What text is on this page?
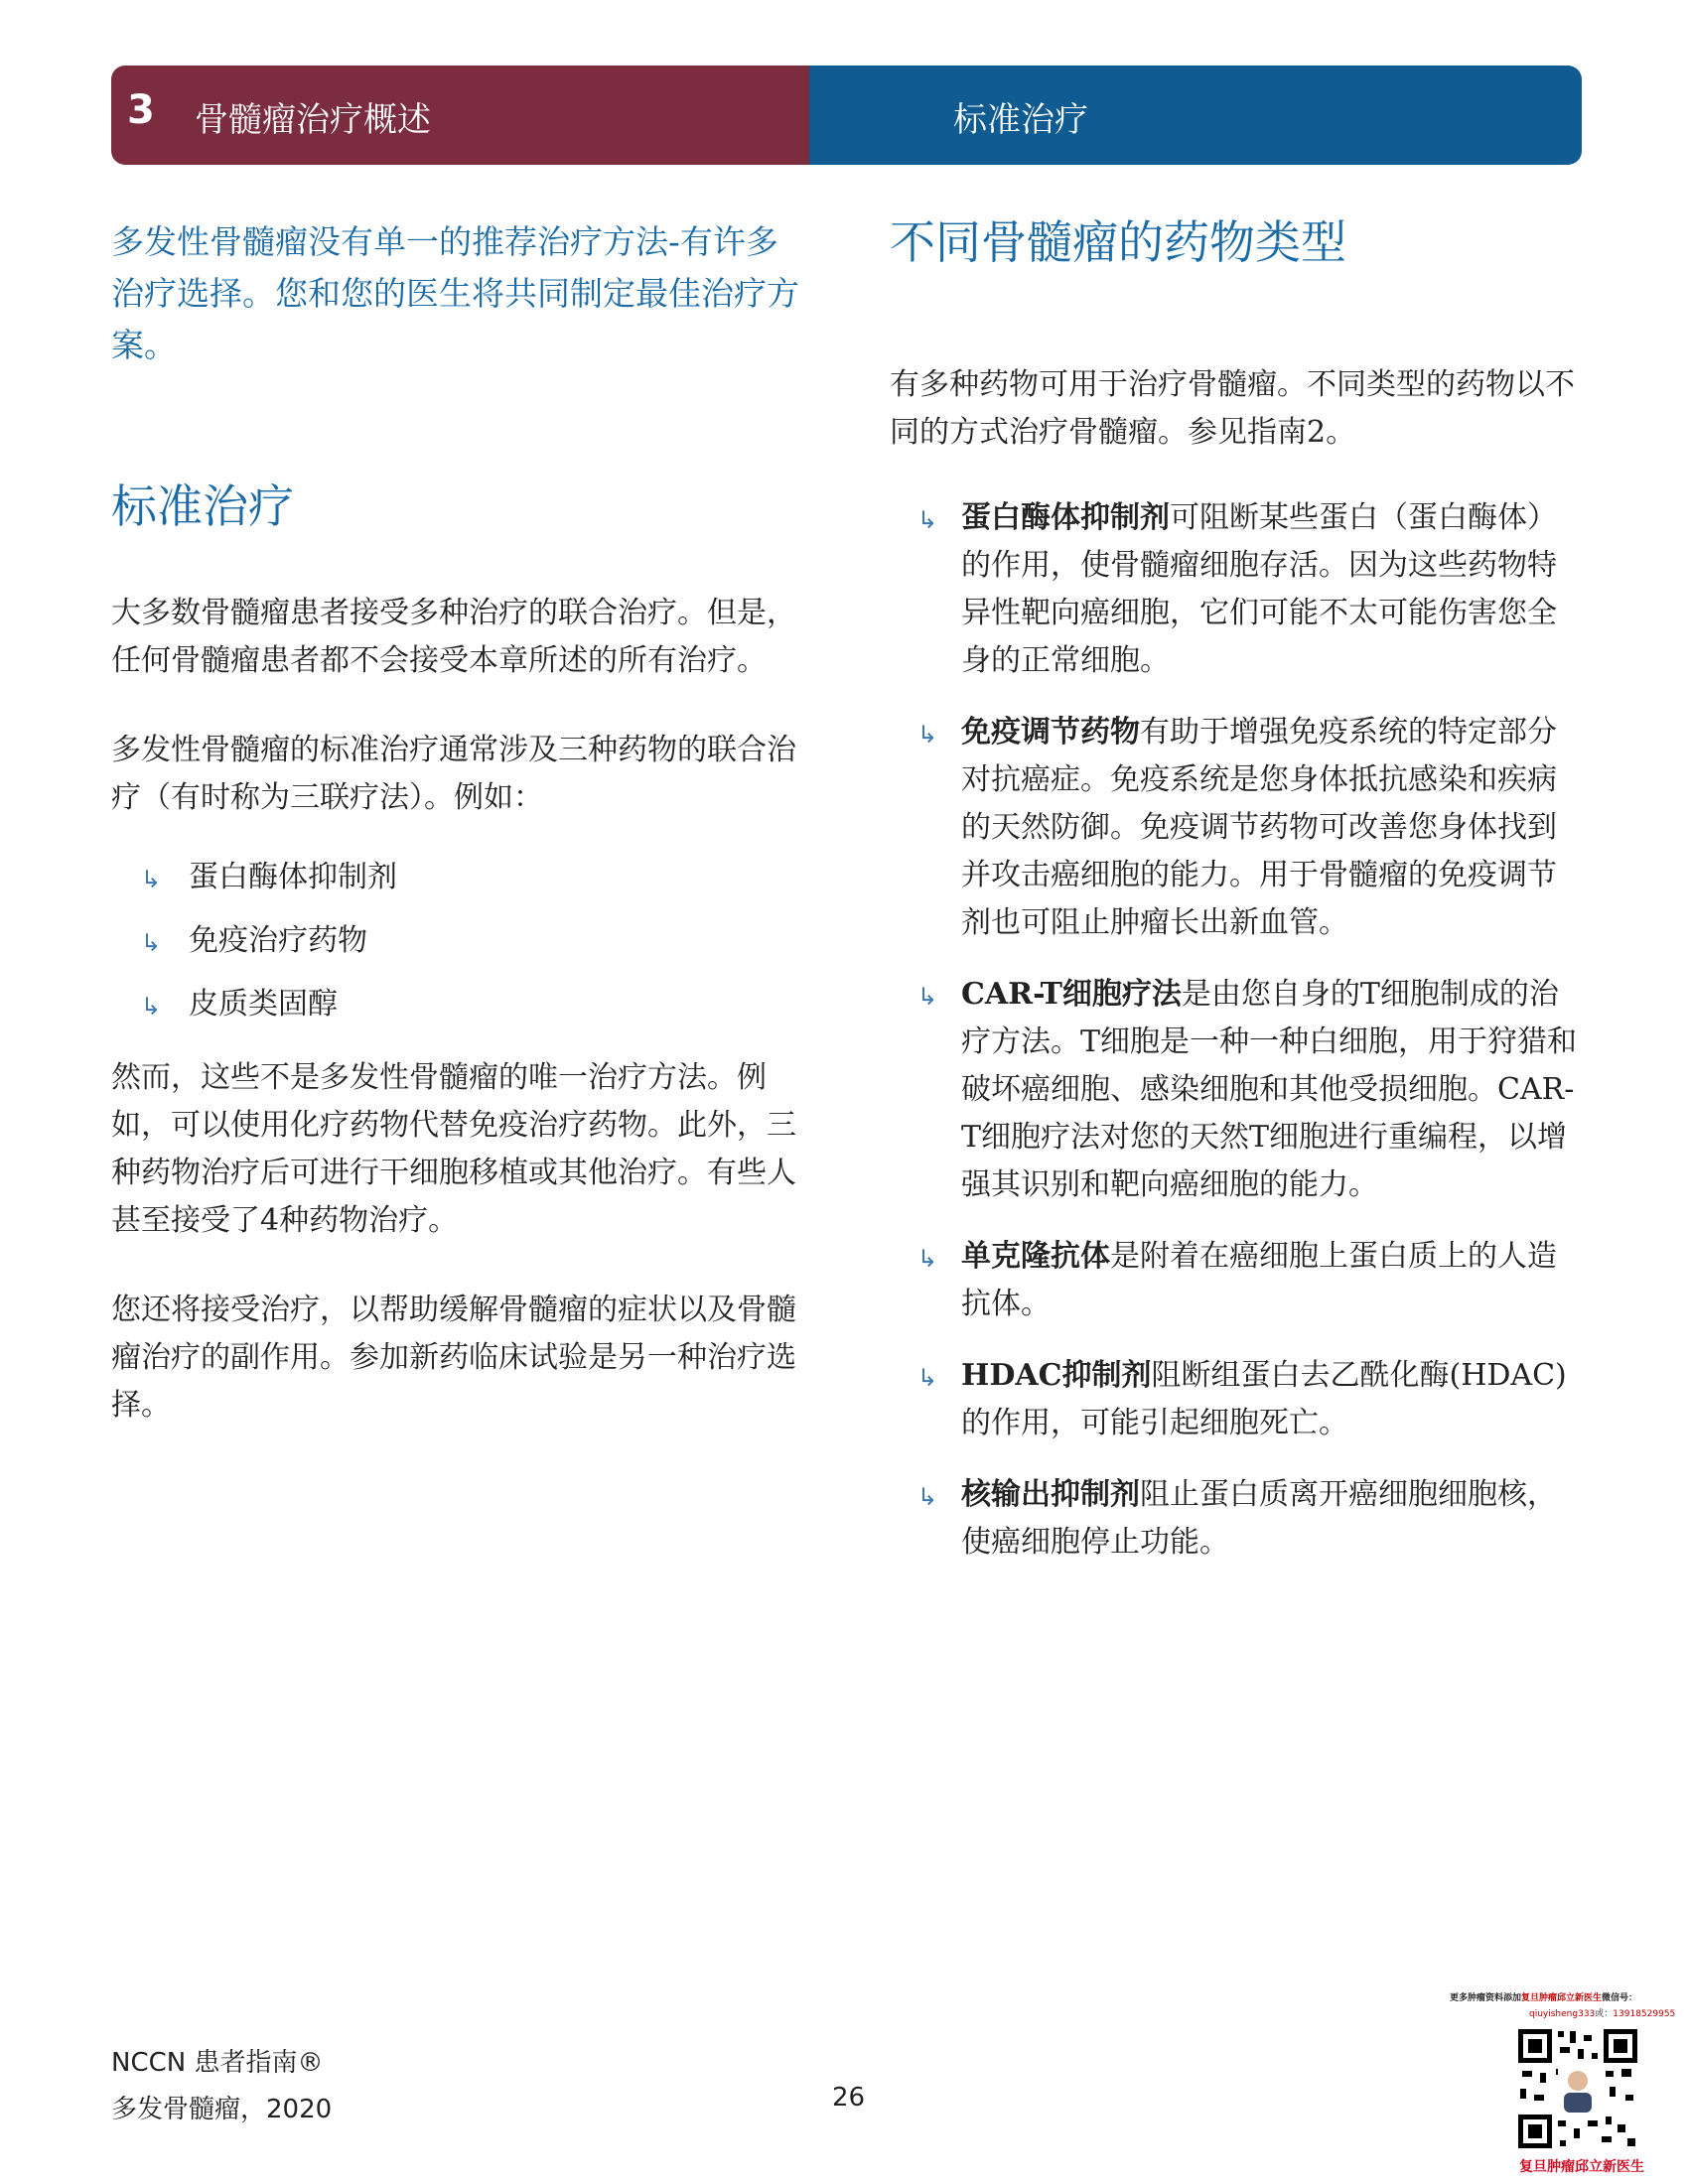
3 骨髓瘤治疗概述	标准治疗

多发性骨髓瘤没有单一的推荐治疗方法-有许多治疗选择。您和您的医生将共同制定最佳治疗方案。

标准治疗

大多数骨髓瘤患者接受多种治疗的联合治疗。但是，任何骨髓瘤患者都不会接受本章所述的所有治疗。

多发性骨髓瘤的标准治疗通常涉及三种药物的联合治疗（有时称为三联疗法）。例如：

↳ 蛋白酶体抑制剂
↳ 免疫治疗药物
↳ 皮质类固醇

然而，这些不是多发性骨髓瘤的唯一治疗方法。例如，可以使用化疗药物代替免疫治疗药物。此外，三种药物治疗后可进行干细胞移植或其他治疗。有些人甚至接受了4种药物治疗。

您还将接受治疗，以帮助缓解骨髓瘤的症状以及骨髓瘤治疗的副作用。参加新药临床试验是另一种治疗选择。

不同骨髓瘤的药物类型

有多种药物可用于治疗骨髓瘤。不同类型的药物以不同的方式治疗骨髓瘤。参见指南2。

↳ 蛋白酶体抑制剂可阻断某些蛋白（蛋白酶体）的作用，使骨髓瘤细胞存活。因为这些药物特异性靶向癌细胞，它们可能不太可能伤害您全身的正常细胞。
↳ 免疫调节药物有助于增强免疫系统的特定部分对抗癌症。免疫系统是您身体抵抗感染和疾病的天然防御。免疫调节药物可改善您身体找到并攻击癌细胞的能力。用于骨髓瘤的免疫调节剂也可阻止肿瘤长出新血管。
↳ CAR-T细胞疗法是由您自身的T细胞制成的治疗方法。T细胞是一种一种白细胞，用于狩猎和破坏癌细胞、感染细胞和其他受损细胞。CAR-T细胞疗法对您的天然T细胞进行重编程，以增强其识别和靶向癌细胞的能力。
↳ 单克隆抗体是附着在癌细胞上蛋白质上的人造抗体。
↳ HDAC抑制剂阻断组蛋白去乙酰化酶(HDAC)的作用，可能引起细胞死亡。
↳ 核输出抑制剂阻止蛋白质离开癌细胞细胞核，使癌细胞停止功能。
NCCN 患者指南®
多发骨髓瘤，2020	26
更多肿瘤资料添加复旦肿瘤邱立新医生微信号：
qiuyisheng333或：13918529955
复旦肿瘤邱立新医生
